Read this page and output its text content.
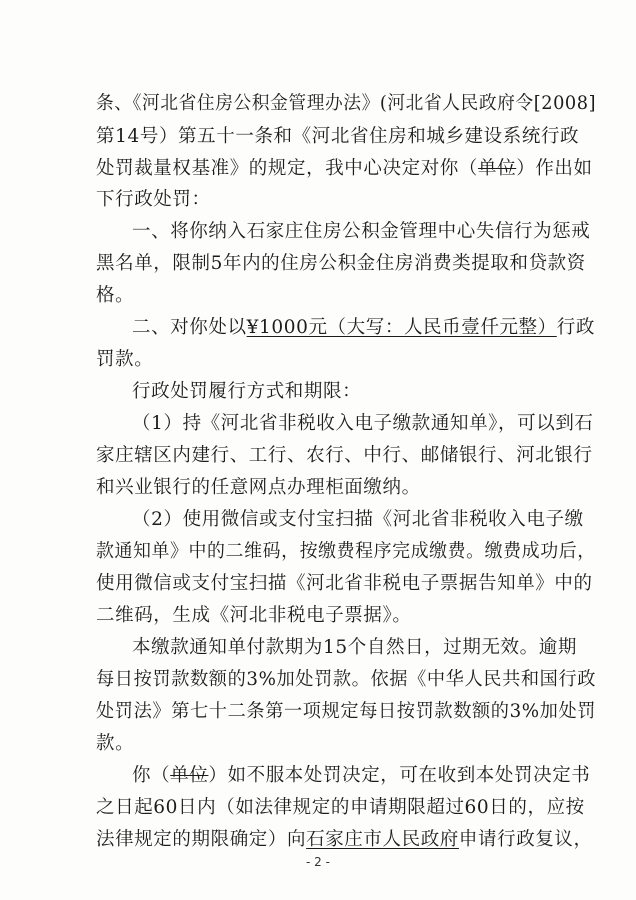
条、《河北省住房公积金管理办法》(河北省人民政府令[2008]
第14号）第五十一条和《河北省住房和城乡建设系统行政
处罚裁量权基准》的规定，我中心决定对你（单位）作出如
下行政处罚：
一、将你纳入石家庄住房公积金管理中心失信行为惩戒
黑名单，限制5年内的住房公积金住房消费类提取和贷款资
格。
二、对你处以¥1000元（大写：人民币壹仟元整）行政
罚款。
行政处罚履行方式和期限：
（1）持《河北省非税收入电子缴款通知单》，可以到石
家庄辖区内建行、工行、农行、中行、邮储银行、河北银行
和兴业银行的任意网点办理柜面缴纳。
（2）使用微信或支付宝扫描《河北省非税收入电子缴
款通知单》中的二维码，按缴费程序完成缴费。缴费成功后，
使用微信或支付宝扫描《河北省非税电子票据告知单》中的
二维码，生成《河北非税电子票据》。
本缴款通知单付款期为15个自然日，过期无效。逾期
每日按罚款数额的3%加处罚款。依据《中华人民共和国行政
处罚法》第七十二条第一项规定每日按罚款数额的3%加处罚
款。
你（单位）如不服本处罚决定，可在收到本处罚决定书
之日起60日内（如法律规定的申请期限超过60日的，应按
法律规定的期限确定）向石家庄市人民政府申请行政复议，
- 2 -
